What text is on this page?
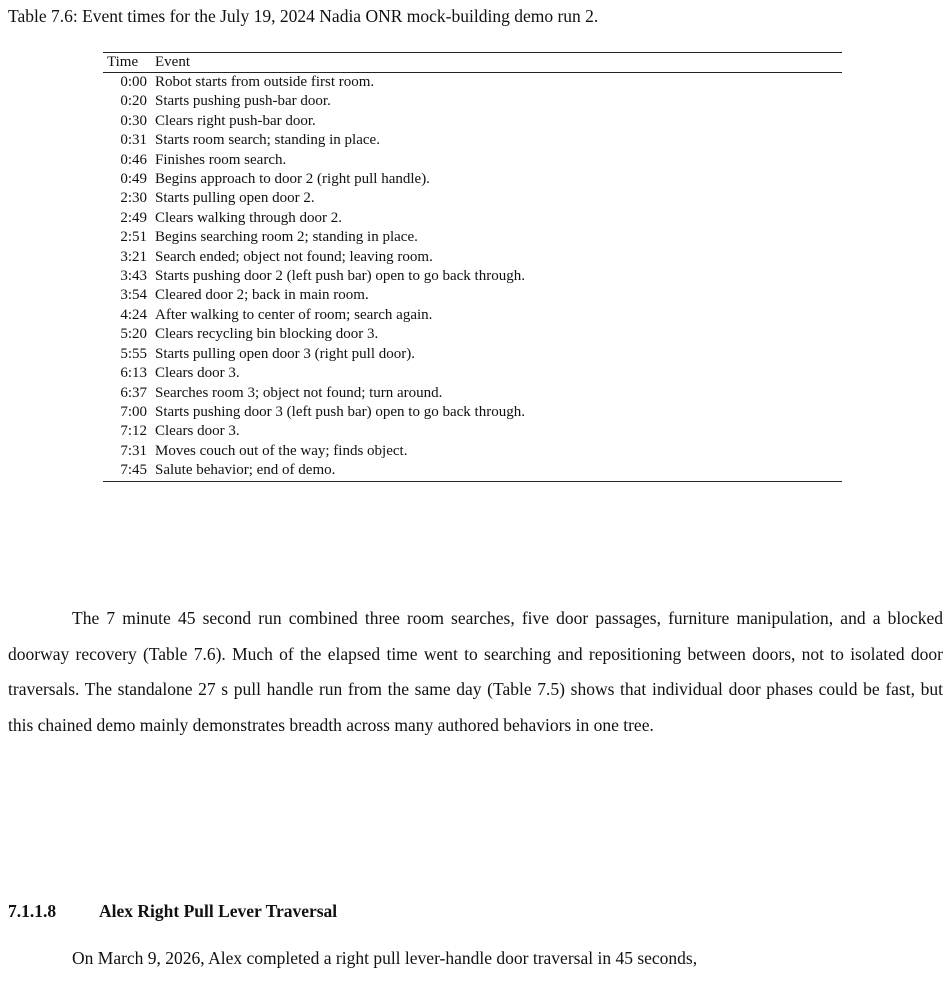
Table 7.6: Event times for the July 19, 2024 Nadia ONR mock-building demo run 2.
Time	Event
0:00	Robot starts from outside first room.
0:20	Starts pushing push-bar door.
0:30	Clears right push-bar door.
0:31	Starts room search; standing in place.
0:46	Finishes room search.
0:49	Begins approach to door 2 (right pull handle).
2:30	Starts pulling open door 2.
2:49	Clears walking through door 2.
2:51	Begins searching room 2; standing in place.
3:21	Search ended; object not found; leaving room.
3:43	Starts pushing door 2 (left push bar) open to go back through.
3:54	Cleared door 2; back in main room.
4:24	After walking to center of room; search again.
5:20	Clears recycling bin blocking door 3.
5:55	Starts pulling open door 3 (right pull door).
6:13	Clears door 3.
6:37	Searches room 3; object not found; turn around.
7:00	Starts pushing door 3 (left push bar) open to go back through.
7:12	Clears door 3.
7:31	Moves couch out of the way; finds object.
7:45	Salute behavior; end of demo.

The 7 minute 45 second run combined three room searches, five door passages, furniture manipulation, and a blocked doorway recovery (Table 7.6). Much of the elapsed time went to searching and repositioning between doors, not to isolated door traversals. The standalone 27 s pull handle run from the same day (Table 7.5) shows that individual door phases could be fast, but this chained demo mainly demonstrates breadth across many authored behaviors in one tree.

7.1.1.8 Alex Right Pull Lever Traversal

On March 9, 2026, Alex completed a right pull lever-handle door traversal in 45 seconds,
